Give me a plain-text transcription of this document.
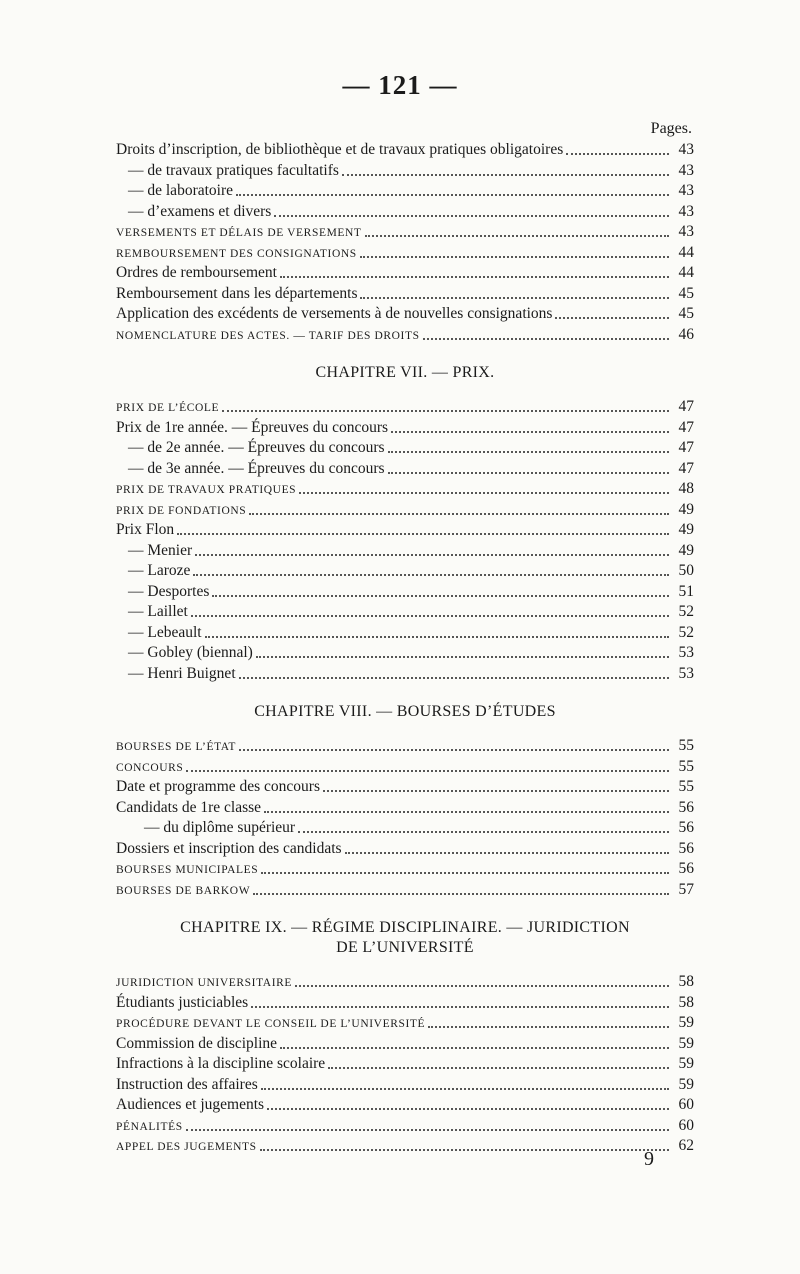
— 121 —
Pages.
Droits d’inscription, de bibliothèque et de travaux pratiques obligatoires	43
— de travaux pratiques facultatifs	43
— de laboratoire	43
— d’examens et divers	43
VERSEMENTS ET DÉLAIS DE VERSEMENT	43
REMBOURSEMENT DES CONSIGNATIONS	44
Ordres de remboursement	44
Remboursement dans les départements	45
Application des excédents de versements à de nouvelles consignations	45
NOMENCLATURE DES ACTES. — TARIF DES DROITS	46
CHAPITRE VII. — PRIX.
PRIX DE L’ÉCOLE	47
Prix de 1re année. — Épreuves du concours	47
— de 2e année. — Épreuves du concours	47
— de 3e année. — Épreuves du concours	47
PRIX DE TRAVAUX PRATIQUES	48
PRIX DE FONDATIONS	49
Prix Flon	49
— Menier	49
— Laroze	50
— Desportes	51
— Laillet	52
— Lebeault	52
— Gobley (biennal)	53
— Henri Buignet	53
CHAPITRE VIII. — BOURSES D’ÉTUDES
BOURSES DE L’ÉTAT	55
CONCOURS	55
Date et programme des concours	55
Candidats de 1re classe	56
— du diplôme supérieur	56
Dossiers et inscription des candidats	56
BOURSES MUNICIPALES	56
BOURSES DE BARKOW	57
CHAPITRE IX. — RÉGIME DISCIPLINAIRE. — JURIDICTION
DE L’UNIVERSITÉ
JURIDICTION UNIVERSITAIRE	58
Étudiants justiciables	58
PROCÉDURE DEVANT LE CONSEIL DE L’UNIVERSITÉ	59
Commission de discipline	59
Infractions à la discipline scolaire	59
Instruction des affaires	59
Audiences et jugements	60
PÉNALITÉS	60
APPEL DES JUGEMENTS	62
9
